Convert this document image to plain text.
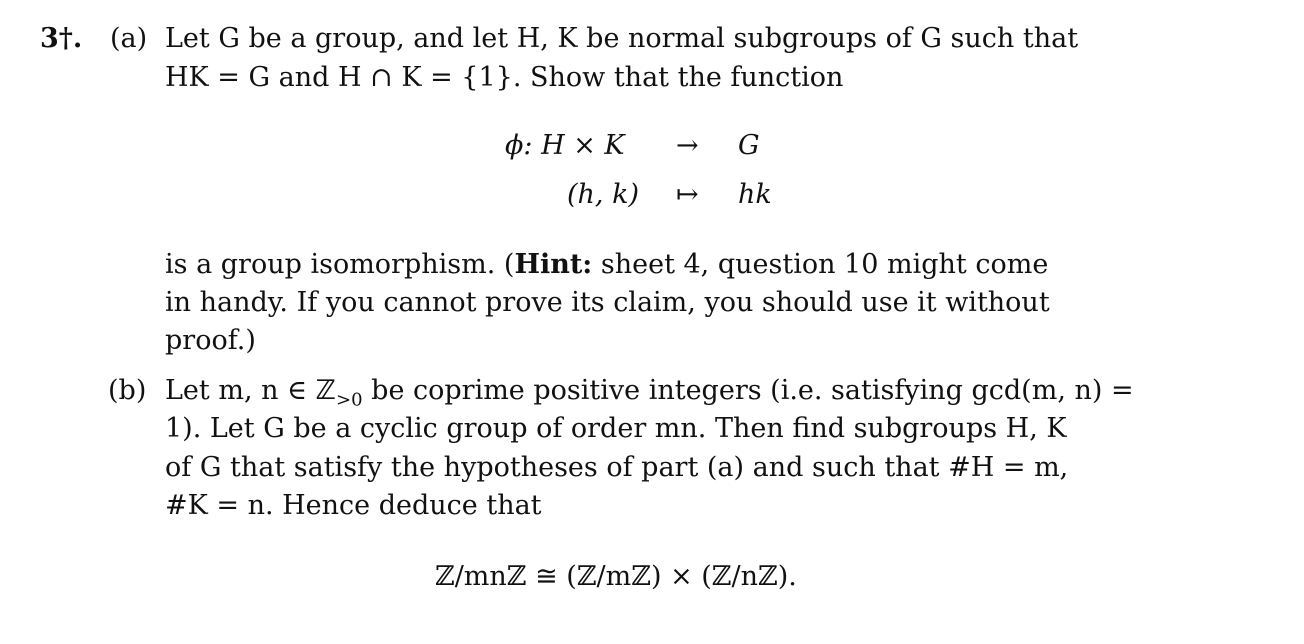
3†. (a) Let G be a group, and let H, K be normal subgroups of G such that
HK = G and H ∩ K = {1}. Show that the function
ϕ: H × K → G
(h, k) ↦ hk
is a group isomorphism. (Hint: sheet 4, question 10 might come
in handy. If you cannot prove its claim, you should use it without
proof.)
(b) Let m, n ∈ ℤ$_{>0}$ be coprime positive integers (i.e. satisfying gcd(m, n) =
1). Let G be a cyclic group of order mn. Then find subgroups H, K
of G that satisfy the hypotheses of part (a) and such that #H = m,
#K = n. Hence deduce that
ℤ/mnℤ ≅ (ℤ/mℤ) × (ℤ/nℤ).
